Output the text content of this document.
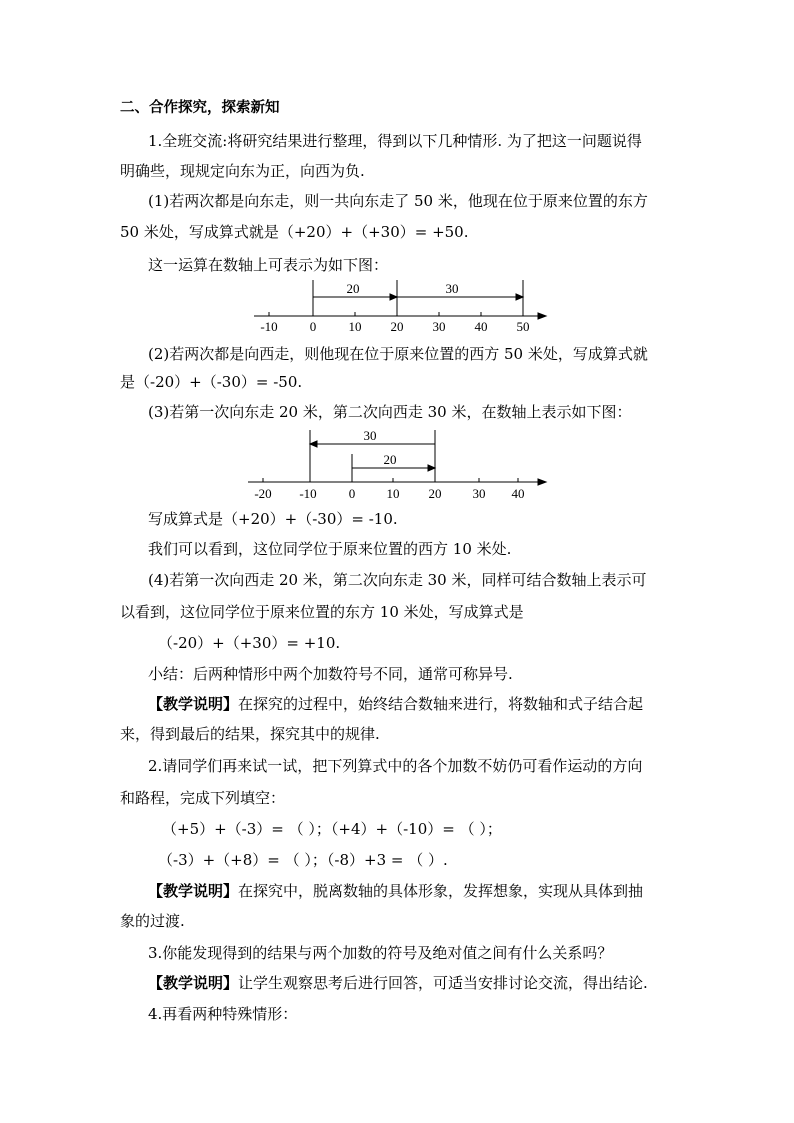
二、合作探究，探索新知
1.全班交流:将研究结果进行整理，得到以下几种情形. 为了把这一问题说得
明确些，现规定向东为正，向西为负.
(1)若两次都是向东走，则一共向东走了 50 米，他现在位于原来位置的东方
50 米处，写成算式就是（+20）+（+30）= +50.
这一运算在数轴上可表示为如下图：
20	30
-10 0 10 20 30 40 50
(2)若两次都是向西走，则他现在位于原来位置的西方 50 米处，写成算式就
是（-20）+（-30）= -50.
(3)若第一次向东走 20 米，第二次向西走 30 米，在数轴上表示如下图：
30
20
-20 -10 0 10 20 30 40
写成算式是（+20）+（-30）= -10.
我们可以看到，这位同学位于原来位置的西方 10 米处.
(4)若第一次向西走 20 米，第二次向东走 30 米，同样可结合数轴上表示可
以看到，这位同学位于原来位置的东方 10 米处，写成算式是
（-20）+（+30）= +10.
小结：后两种情形中两个加数符号不同，通常可称异号.
【教学说明】在探究的过程中，始终结合数轴来进行，将数轴和式子结合起
来，得到最后的结果，探究其中的规律.
2.请同学们再来试一试，把下列算式中的各个加数不妨仍可看作运动的方向
和路程，完成下列填空：
（+5）+（-3）= （ ）；（+4）+（-10）= （ ）；
（-3）+（+8）= （ ）；（-8）+3 = （ ）.
【教学说明】在探究中，脱离数轴的具体形象，发挥想象，实现从具体到抽
象的过渡.
3.你能发现得到的结果与两个加数的符号及绝对值之间有什么关系吗？
【教学说明】让学生观察思考后进行回答，可适当安排讨论交流，得出结论.
4.再看两种特殊情形：
